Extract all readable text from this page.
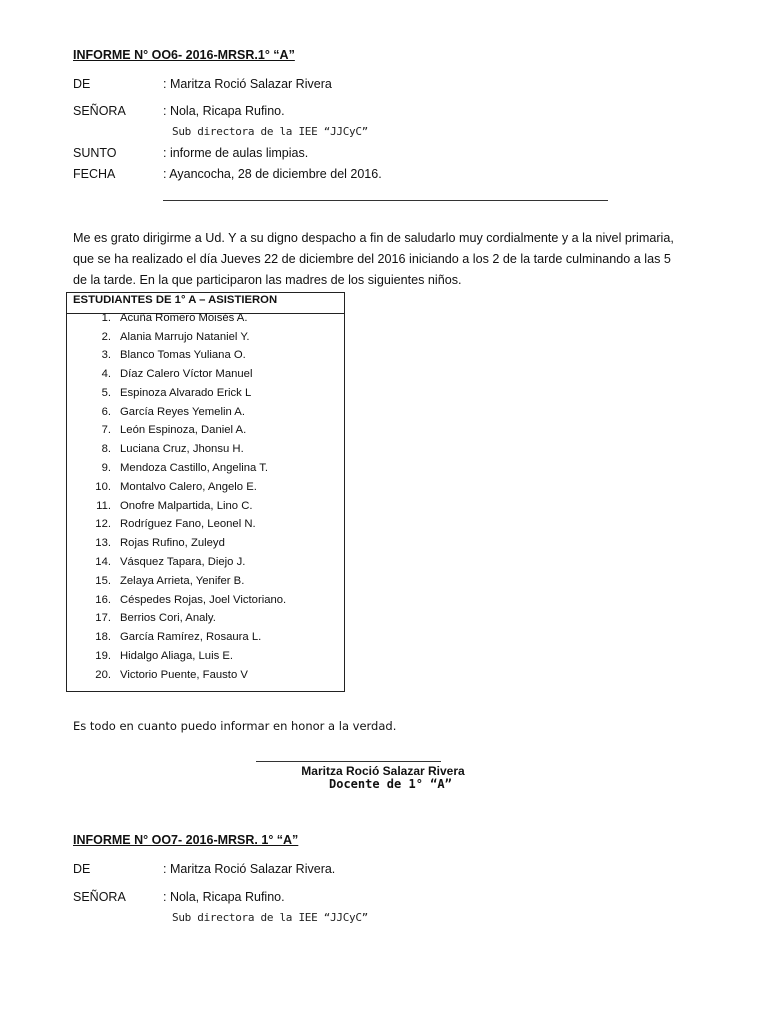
INFORME N° OO6- 2016-MRSR.1° “A”
DE	: Maritza Roció Salazar Rivera
SEÑORA	: Nola, Ricapa Rufino.
Sub directora de la IEE “JJCyC”
SUNTO	: informe de aulas limpias.
FECHA	: Ayancocha, 28 de diciembre del 2016.
Me es grato dirigirme a Ud. Y a su digno despacho a fin de saludarlo muy cordialmente y a la nivel primaria,
que se ha realizado el día Jueves 22 de diciembre del 2016 iniciando a los 2 de la tarde culminando a las 5
de la tarde. En la que participaron las madres de los siguientes niños.
ESTUDIANTES DE 1° A – ASISTIERON
1. Acuña Romero Moisés A.
2. Alania Marrujo Nataniel Y.
3. Blanco Tomas Yuliana O.
4. Díaz Calero Víctor Manuel
5. Espinoza Alvarado Erick L
6. García Reyes Yemelin A.
7. León Espinoza, Daniel A.
8. Luciana Cruz, Jhonsu H.
9. Mendoza Castillo, Angelina T.
10. Montalvo Calero, Angelo E.
11. Onofre Malpartida, Lino C.
12. Rodríguez Fano, Leonel N.
13. Rojas Rufino, Zuleyd
14. Vásquez Tapara, Diejo J.
15. Zelaya Arrieta, Yenifer B.
16. Céspedes Rojas, Joel Victoriano.
17. Berrios Cori, Analy.
18. García Ramírez, Rosaura L.
19. Hidalgo Aliaga, Luis E.
20. Victorio Puente, Fausto V
Es todo en cuanto puedo informar en honor a la verdad.
Maritza Roció Salazar Rivera
Docente de 1° “A”
INFORME N° OO7- 2016-MRSR. 1° “A”
DE	: Maritza Roció Salazar Rivera.
SEÑORA	: Nola, Ricapa Rufino.
Sub directora de la IEE “JJCyC”
